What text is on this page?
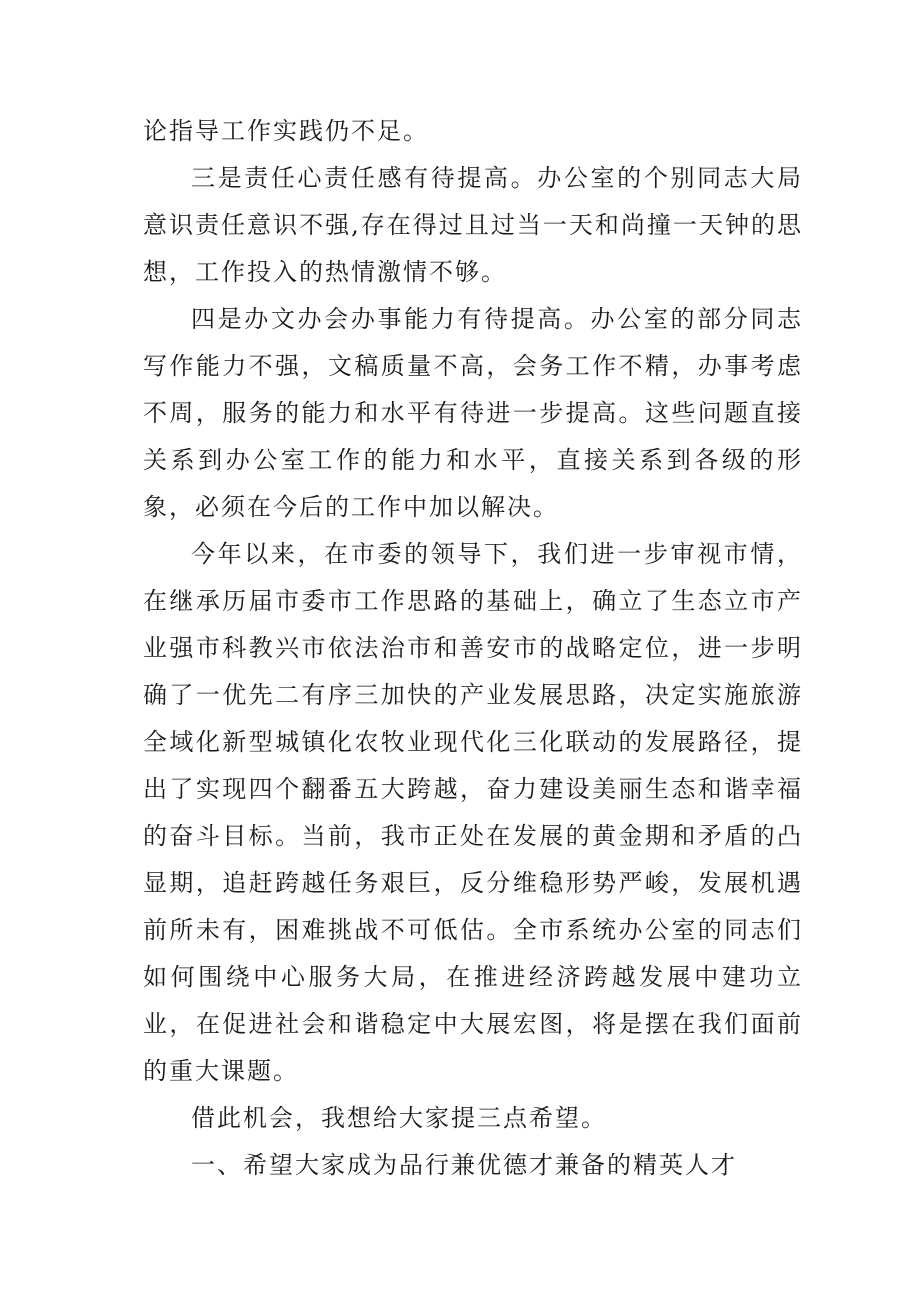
论指导工作实践仍不足。

三是责任心责任感有待提高。办公室的个别同志大局意识责任意识不强,存在得过且过当一天和尚撞一天钟的思想，工作投入的热情激情不够。

四是办文办会办事能力有待提高。办公室的部分同志写作能力不强，文稿质量不高，会务工作不精，办事考虑不周，服务的能力和水平有待进一步提高。这些问题直接关系到办公室工作的能力和水平，直接关系到各级的形象，必须在今后的工作中加以解决。

今年以来，在市委的领导下，我们进一步审视市情，在继承历届市委市工作思路的基础上，确立了生态立市产业强市科教兴市依法治市和善安市的战略定位，进一步明确了一优先二有序三加快的产业发展思路，决定实施旅游全域化新型城镇化农牧业现代化三化联动的发展路径，提出了实现四个翻番五大跨越，奋力建设美丽生态和谐幸福的奋斗目标。当前，我市正处在发展的黄金期和矛盾的凸显期，追赶跨越任务艰巨，反分维稳形势严峻，发展机遇前所未有，困难挑战不可低估。全市系统办公室的同志们如何围绕中心服务大局，在推进经济跨越发展中建功立业，在促进社会和谐稳定中大展宏图，将是摆在我们面前的重大课题。

借此机会，我想给大家提三点希望。

一、希望大家成为品行兼优德才兼备的精英人才
